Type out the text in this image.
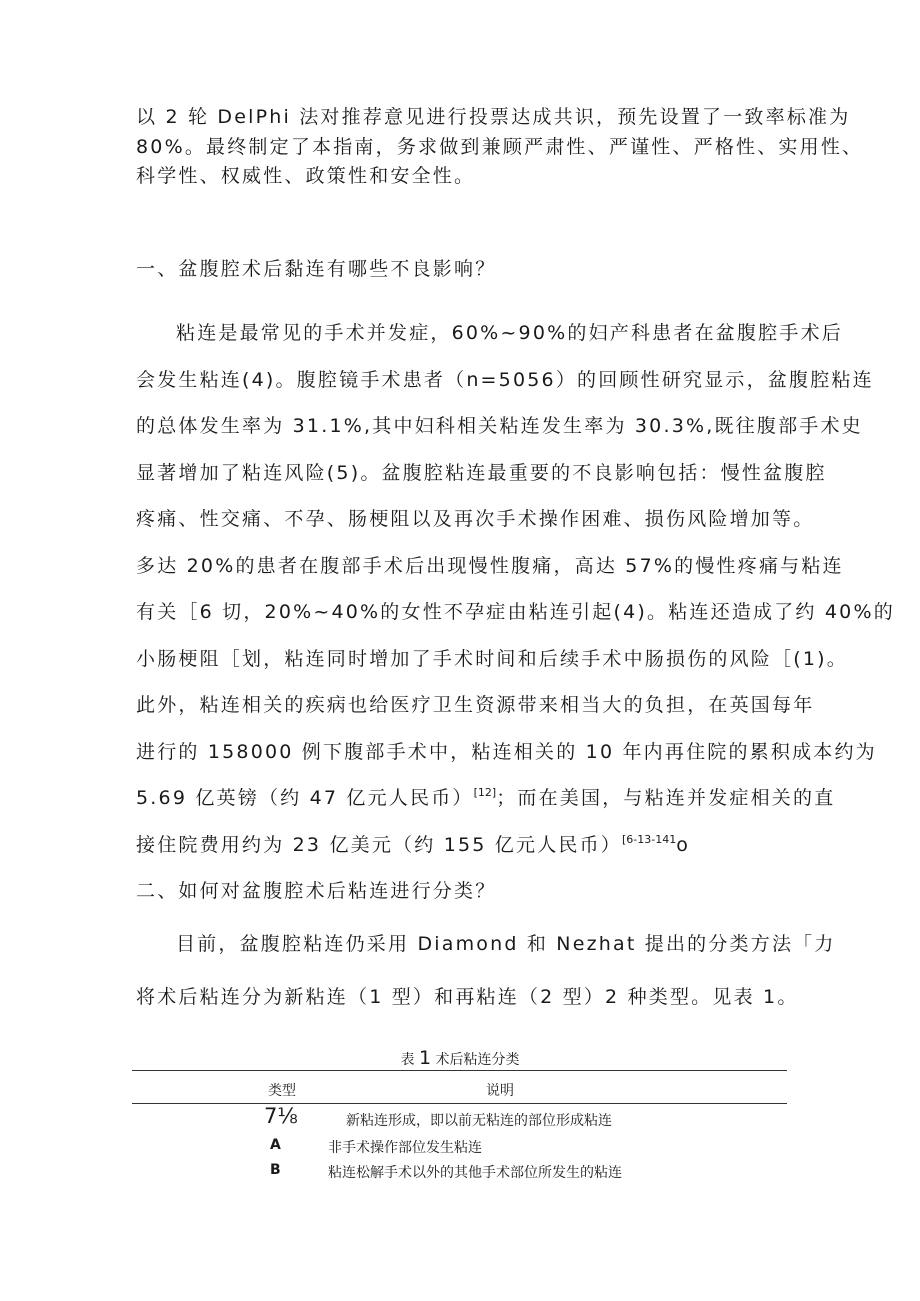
以 2 轮 DelPhi 法对推荐意见进行投票达成共识，预先设置了一致率标准为
80%。最终制定了本指南，务求做到兼顾严肃性、严谨性、严格性、实用性、
科学性、权威性、政策性和安全性。
一、盆腹腔术后黏连有哪些不良影响？
粘连是最常见的手术并发症，60%~90%的妇产科患者在盆腹腔手术后
会发生粘连(4)。腹腔镜手术患者（n=5056）的回顾性研究显示，盆腹腔粘连
的总体发生率为 31.1%,其中妇科相关粘连发生率为 30.3%,既往腹部手术史
显著增加了粘连风险(5)。盆腹腔粘连最重要的不良影响包括：慢性盆腹腔
疼痛、性交痛、不孕、肠梗阻以及再次手术操作困难、损伤风险增加等。
多达 20%的患者在腹部手术后出现慢性腹痛，高达 57%的慢性疼痛与粘连
有关［6 切，20%~40%的女性不孕症由粘连引起(4)。粘连还造成了约 40%的
小肠梗阻［划，粘连同时增加了手术时间和后续手术中肠损伤的风险［(1)。
此外，粘连相关的疾病也给医疗卫生资源带来相当大的负担，在英国每年
进行的 158000 例下腹部手术中，粘连相关的 10 年内再住院的累积成本约为
5.69 亿英镑（约 47 亿元人民币）[12]；而在美国，与粘连并发症相关的直
接住院费用约为 23 亿美元（约 155 亿元人民币）$^{[6-13-141}$o
二、如何对盆腹腔术后粘连进行分类？
目前，盆腹腔粘连仍采用 Diamond 和 Nezhat 提出的分类方法「力
将术后粘连分为新粘连（1 型）和再粘连（2 型）2 种类型。见表 1。
表 1 术后粘连分类
类型	说明
7⅛	新粘连形成，即以前无粘连的部位形成粘连
A	非手术操作部位发生粘连
B	粘连松解手术以外的其他手术部位所发生的粘连
